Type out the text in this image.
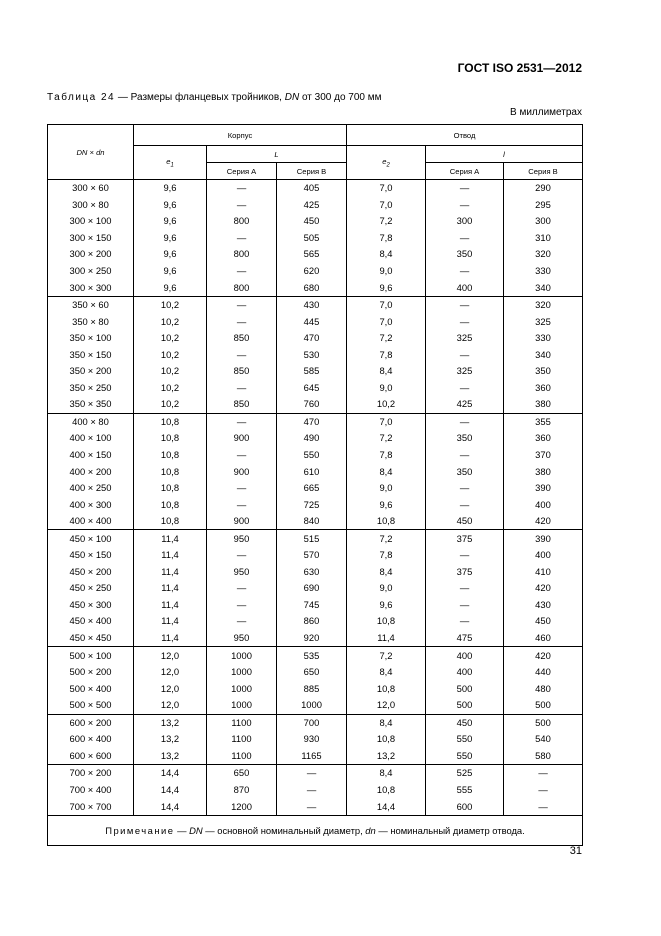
ГОСТ ISO 2531—2012
Таблица 24 — Размеры фланцевых тройников, DN от 300 до 700 мм
В миллиметрах
DN × dn	Корпус			Отвод		
	$e_1$	L		$e_2$	l	
		Серия А	Серия В		Серия А	Серия В
300 × 60	9,6	—	405	7,0	—	290
300 × 80	9,6	—	425	7,0	—	295
300 × 100	9,6	800	450	7,2	300	300
300 × 150	9,6	—	505	7,8	—	310
300 × 200	9,6	800	565	8,4	350	320
300 × 250	9,6	—	620	9,0	—	330
300 × 300	9,6	800	680	9,6	400	340
350 × 60	10,2	—	430	7,0	—	320
350 × 80	10,2	—	445	7,0	—	325
350 × 100	10,2	850	470	7,2	325	330
350 × 150	10,2	—	530	7,8	—	340
350 × 200	10,2	850	585	8,4	325	350
350 × 250	10,2	—	645	9,0	—	360
350 × 350	10,2	850	760	10,2	425	380
400 × 80	10,8	—	470	7,0	—	355
400 × 100	10,8	900	490	7,2	350	360
400 × 150	10,8	—	550	7,8	—	370
400 × 200	10,8	900	610	8,4	350	380
400 × 250	10,8	—	665	9,0	—	390
400 × 300	10,8	—	725	9,6	—	400
400 × 400	10,8	900	840	10,8	450	420
450 × 100	11,4	950	515	7,2	375	390
450 × 150	11,4	—	570	7,8	—	400
450 × 200	11,4	950	630	8,4	375	410
450 × 250	11,4	—	690	9,0	—	420
450 × 300	11,4	—	745	9,6	—	430
450 × 400	11,4	—	860	10,8	—	450
450 × 450	11,4	950	920	11,4	475	460
500 × 100	12,0	1000	535	7,2	400	420
500 × 200	12,0	1000	650	8,4	400	440
500 × 400	12,0	1000	885	10,8	500	480
500 × 500	12,0	1000	1000	12,0	500	500
600 × 200	13,2	1100	700	8,4	450	500
600 × 400	13,2	1100	930	10,8	550	540
600 × 600	13,2	1100	1165	13,2	550	580
700 × 200	14,4	650	—	8,4	525	—
700 × 400	14,4	870	—	10,8	555	—
700 × 700	14,4	1200	—	14,4	600	—
Примечание — DN — основной номинальный диаметр, dn — номинальный диаметр отвода.						
31
